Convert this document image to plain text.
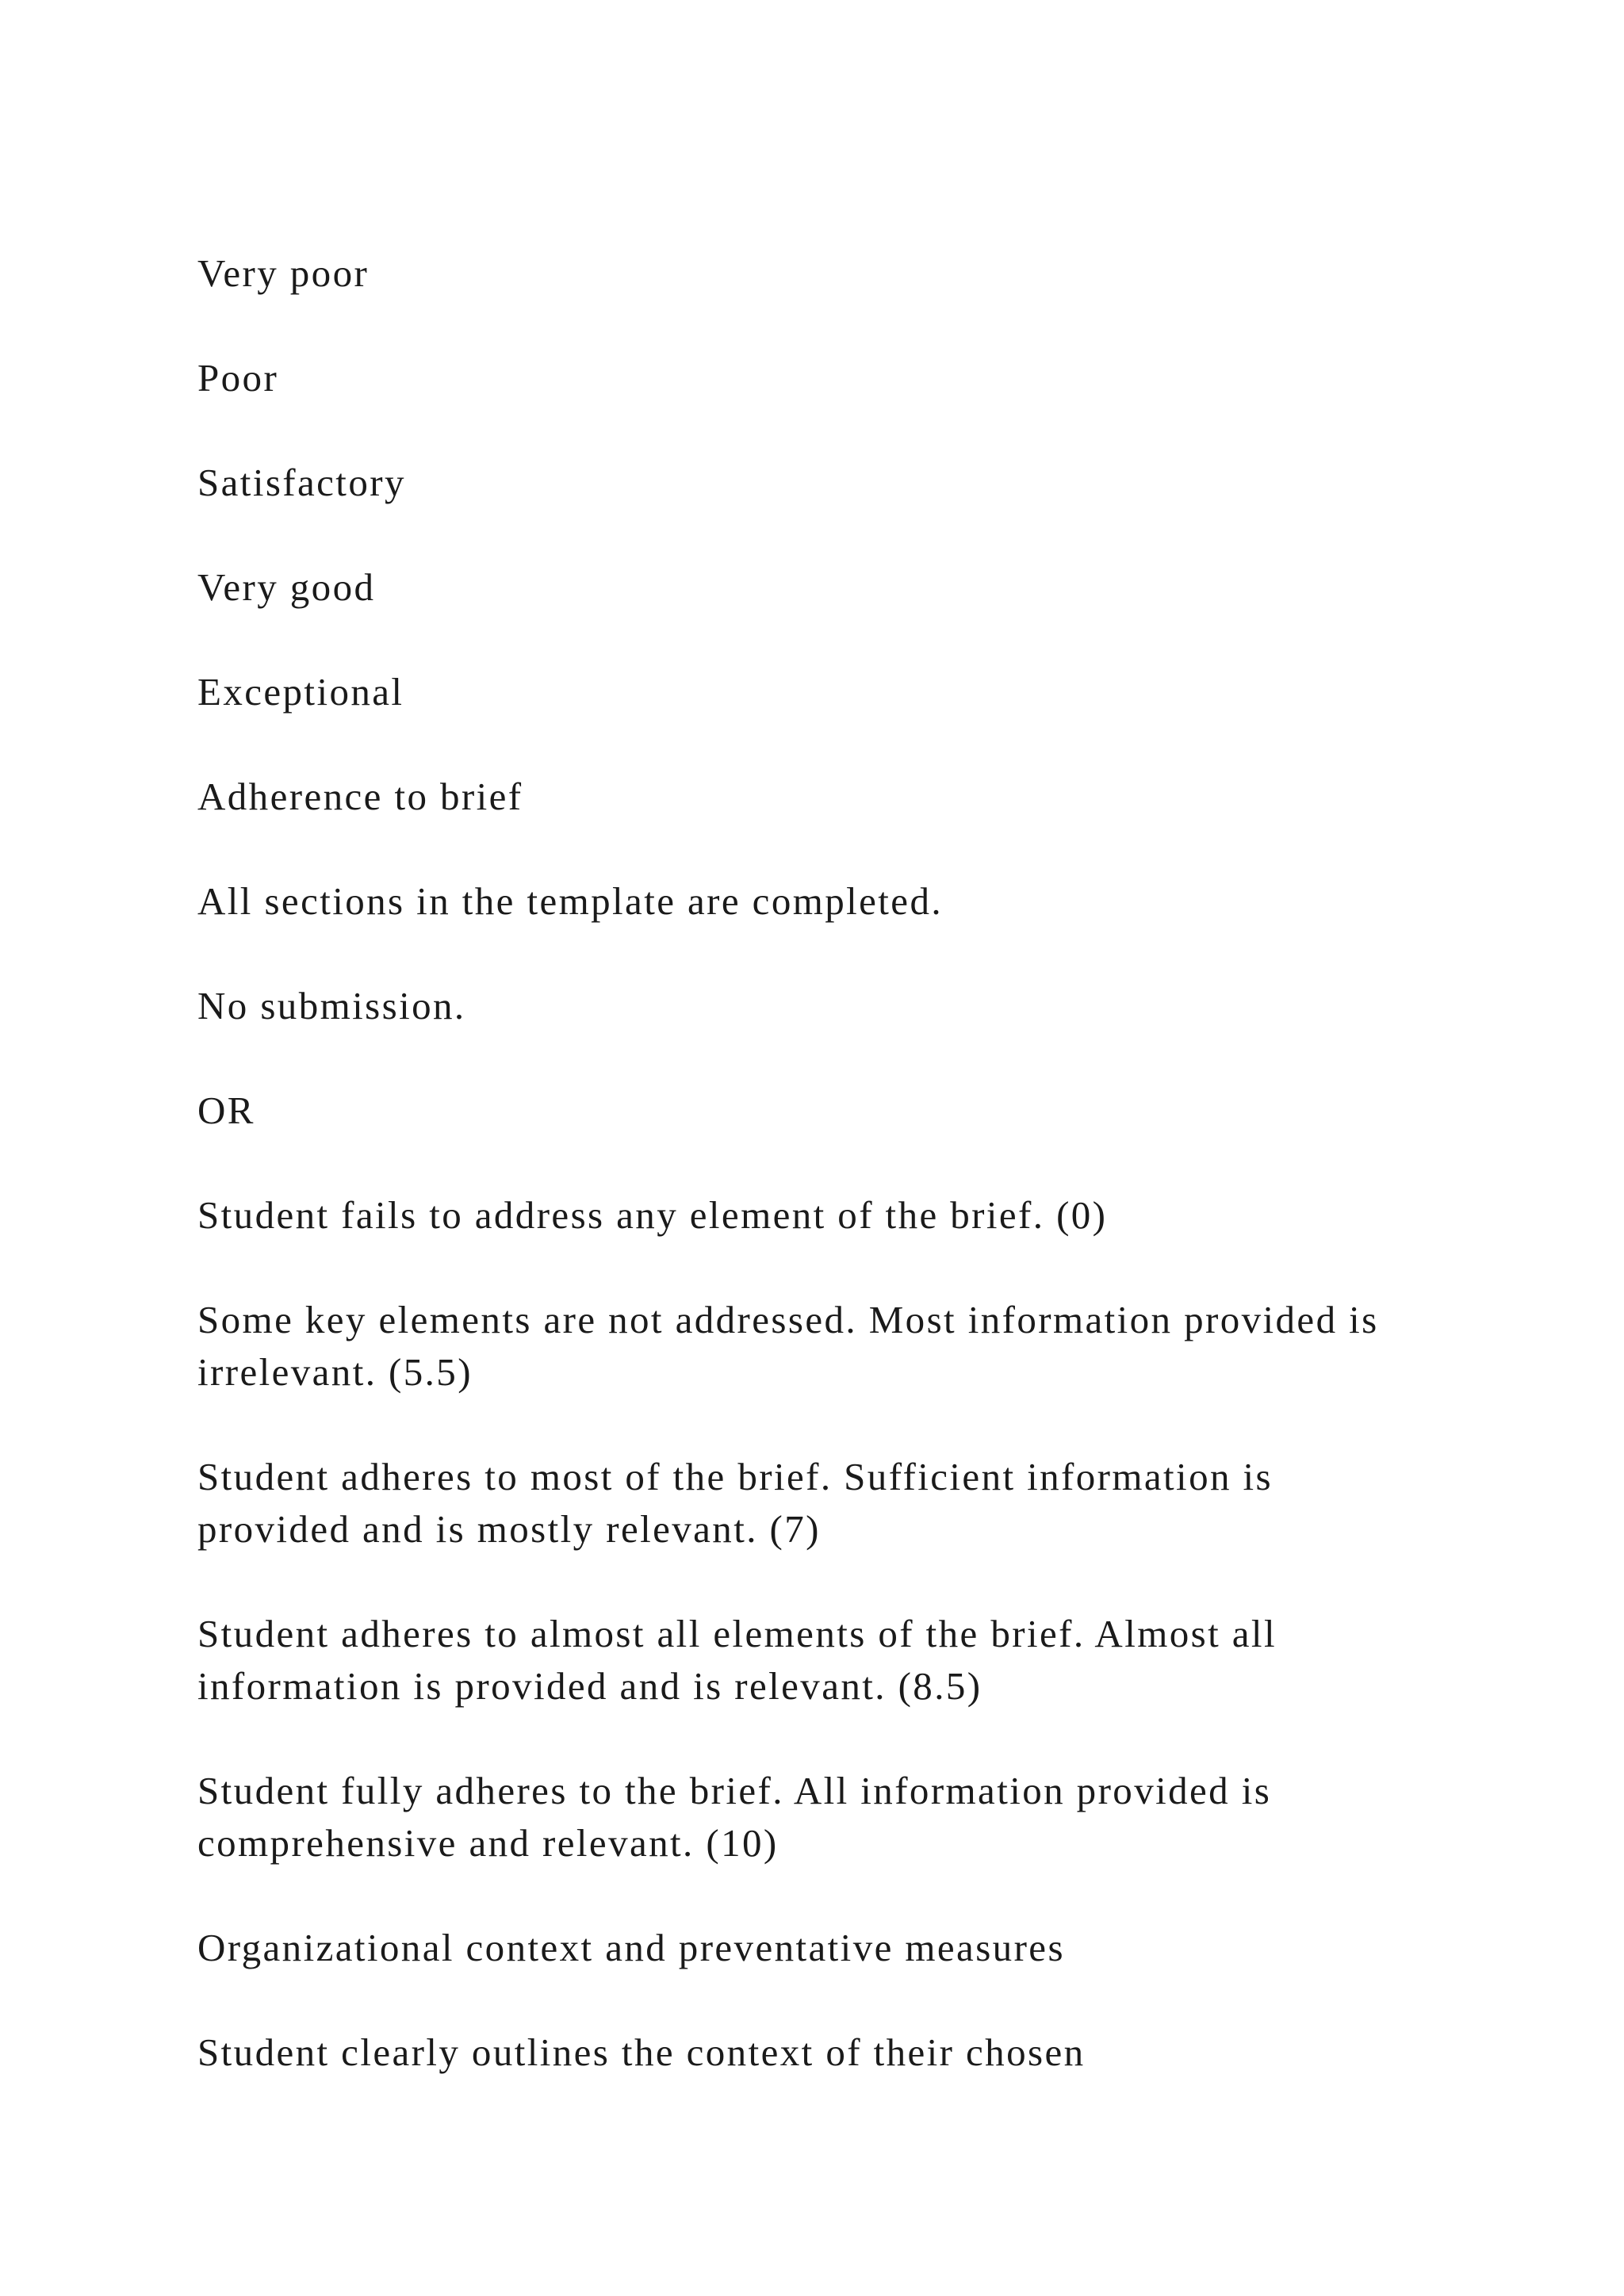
Very poor

Poor

Satisfactory

Very good

Exceptional

Adherence to brief

All sections in the template are completed.

No submission.

OR

Student fails to address any element of the brief. (0)

Some key elements are not addressed. Most information provided is irrelevant. (5.5)

Student adheres to most of the brief. Sufficient information is provided and is mostly relevant. (7)

Student adheres to almost all elements of the brief. Almost all information is provided and is relevant. (8.5)

Student fully adheres to the brief. All information provided is comprehensive and relevant. (10)

Organizational context and preventative measures

Student clearly outlines the context of their chosen
